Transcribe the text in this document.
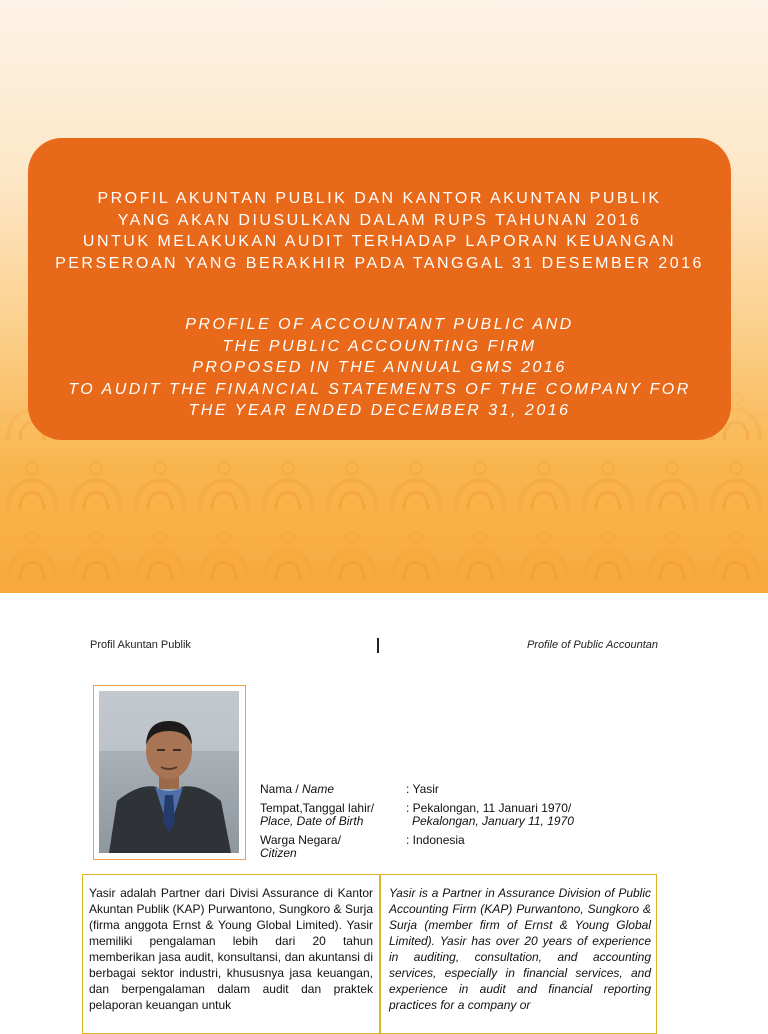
PROFIL AKUNTAN PUBLIK DAN KANTOR AKUNTAN PUBLIK
YANG AKAN DIUSULKAN DALAM RUPS TAHUNAN 2016
UNTUK MELAKUKAN AUDIT TERHADAP LAPORAN KEUANGAN
PERSEROAN YANG BERAKHIR PADA TANGGAL 31 DESEMBER 2016
PROFILE OF ACCOUNTANT PUBLIC AND
THE PUBLIC ACCOUNTING FIRM
PROPOSED IN THE ANNUAL GMS 2016
TO AUDIT THE FINANCIAL STATEMENTS OF THE COMPANY FOR
THE YEAR ENDED DECEMBER 31, 2016
Profil Akuntan Publik	Profile of Public Accountan
Nama / Name	: Yasir
Tempat,Tanggal lahir/
Place, Date of Birth
: Pekalongan, 11 Januari 1970/
Pekalongan, January 11, 1970
Warga Negara/
Citizen
: Indonesia
Yasir adalah Partner dari Divisi Assurance di Kantor Akuntan Publik (KAP) Purwantono, Sungkoro & Surja (firma anggota Ernst & Young Global Limited). Yasir memiliki pengalaman lebih dari 20 tahun memberikan jasa audit, konsultansi, dan akuntansi di berbagai sektor industri, khususnya jasa keuangan, dan berpengalaman dalam audit dan praktek pelaporan keuangan untuk
Yasir is a Partner in Assurance Division of Public Accounting Firm (KAP) Purwantono, Sungkoro & Surja (member firm of Ernst & Young Global Limited). Yasir has over 20 years of experience in auditing, consultation, and accounting services, especially in financial services, and experience in audit and financial reporting practices for a company or
